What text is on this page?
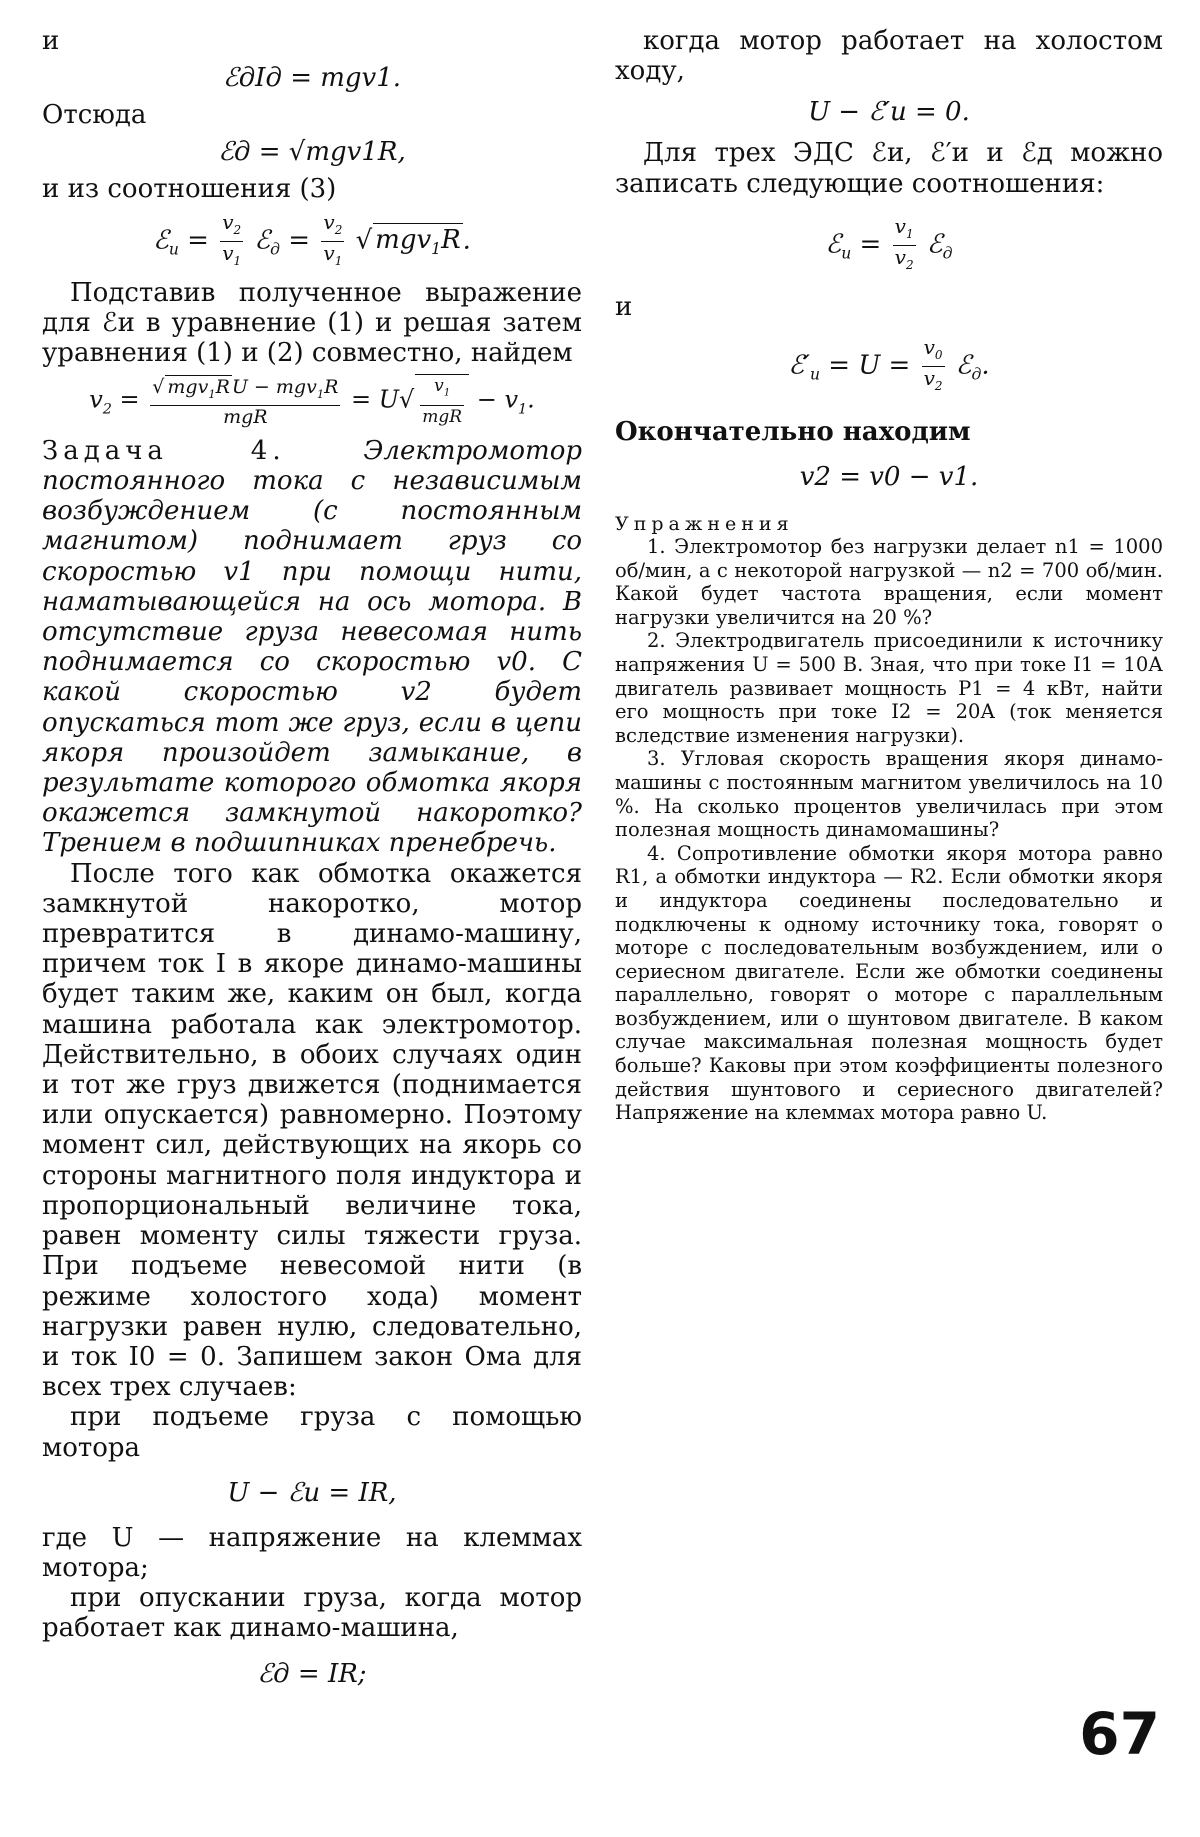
и

ℰдIд = mgv1.

Отсюда

ℰд = √mgv1R,

и из соотношения (3)

ℰ$_и$ = $\frac{v_2}{v_1}$ ℰ$_д$ = $\frac{v_2}{v_1}$ √ mgv$_1$R.

Подставив полученное выражение для ℰи в уравнение (1) и решая затем уравнения (1) и (2) совместно, найдем

$v_2 = \frac{√ mgv_1R U - mgv_1R}{\text{mgR}} = U√ \frac{v_1}{\text{mgR}} - v_1$.

Задача 4.	Электромотор постоянного тока с независимым возбуждением (с постоянным магнитом) поднимает груз со скоростью v1 при помощи нити, наматывающейся на ось мотора. В отсутствие груза невесомая нить поднимается со скоростью v0. С какой скоростью v2 будет опускаться тот же груз, если в цепи якоря произойдет замыкание, в результате которого обмотка якоря окажется замкнутой накоротко? Трением в подшипниках пренебречь.

После того как обмотка окажется замкнутой накоротко, мотор превратится в динамо-машину, причем ток I в якоре динамо-машины будет таким же, каким он был, когда машина работала как электромотор. Действительно, в обоих случаях один и тот же груз движется (поднимается или опускается) равномерно. Поэтому момент сил, действующих на якорь со стороны магнитного поля индуктора и пропорциональный величине тока, равен моменту силы тяжести груза. При подъеме невесомой нити (в режиме холостого хода) момент нагрузки равен нулю, следовательно, и ток I0 = 0. Запишем закон Ома для всех трех случаев:

при подъеме груза с помощью мотора

U − ℰи = IR,

где U — напряжение на клеммах мотора;

при опускании груза, когда мотор работает как динамо-машина,

ℰд = IR;

когда мотор работает на холостом ходу,

U − ℰ′и = 0.

Для трех ЭДС ℰи, ℰ′и и ℰд можно записать следующие соотношения:

ℰ$_и$ = $\frac{v_1}{v_2}$ ℰ$_д$

и

$ℰ'_и = U = \frac{v_0}{v_2}$ ℰ$_д$.

Окончательно находим

v2 = v0 − v1.

Упражнения

1. Электромотор без нагрузки делает n1 = 1000 об/мин, а с некоторой нагрузкой — n2 = 700 об/мин. Какой будет частота вращения, если момент нагрузки увеличится на 20 %?

2. Электродвигатель присоединили к источнику напряжения U = 500 В. Зная, что при токе I1 = 10А двигатель развивает мощность P1 = 4 кВт, найти его мощность при токе I2 = 20А (ток меняется вследствие изменения нагрузки).

3. Угловая скорость вращения якоря динамо-машины с постоянным магнитом увеличилось на 10 %. На сколько процентов увеличилась при этом полезная мощность динамомашины?

4. Сопротивление обмотки якоря мотора равно R1, а обмотки индуктора — R2. Если обмотки якоря и индуктора соединены последовательно и подключены к одному источнику тока, говорят о моторе с последовательным возбуждением, или о сериесном двигателе. Если же обмотки соединены параллельно, говорят о моторе с параллельным возбуждением, или о шунтовом двигателе. В каком случае максимальная полезная мощность будет больше? Каковы при этом коэффициенты полезного действия шунтового и сериесного двигателей? Напряжение на клеммах мотора равно U.

67
